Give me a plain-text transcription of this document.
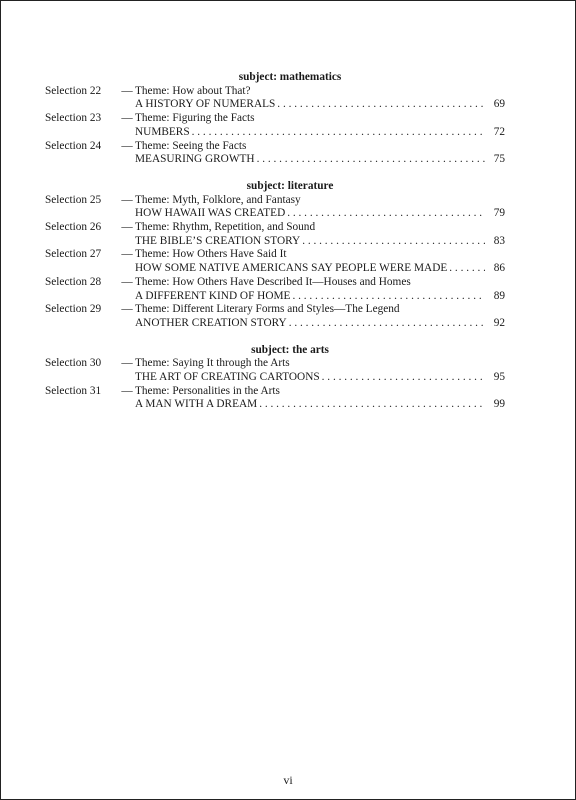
subject: mathematics
Selection 22	— Theme: How about That?
A HISTORY OF NUMERALS . . .	69
Selection 23	— Theme: Figuring the Facts
NUMBERS . . .	72
Selection 24	— Theme: Seeing the Facts
MEASURING GROWTH . . .	75
subject: literature
Selection 25	— Theme: Myth, Folklore, and Fantasy
HOW HAWAII WAS CREATED . . .	79
Selection 26	— Theme: Rhythm, Repetition, and Sound
THE BIBLE’S CREATION STORY . . .	83
Selection 27	— Theme: How Others Have Said It
HOW SOME NATIVE AMERICANS SAY PEOPLE WERE MADE . . .	86
Selection 28	— Theme: How Others Have Described It—Houses and Homes
A DIFFERENT KIND OF HOME . . .	89
Selection 29	— Theme: Different Literary Forms and Styles—The Legend
ANOTHER CREATION STORY . . .	92
subject: the arts
Selection 30	— Theme: Saying It through the Arts
THE ART OF CREATING CARTOONS . . .	95
Selection 31	— Theme: Personalities in the Arts
A MAN WITH A DREAM . . .	99
vi
